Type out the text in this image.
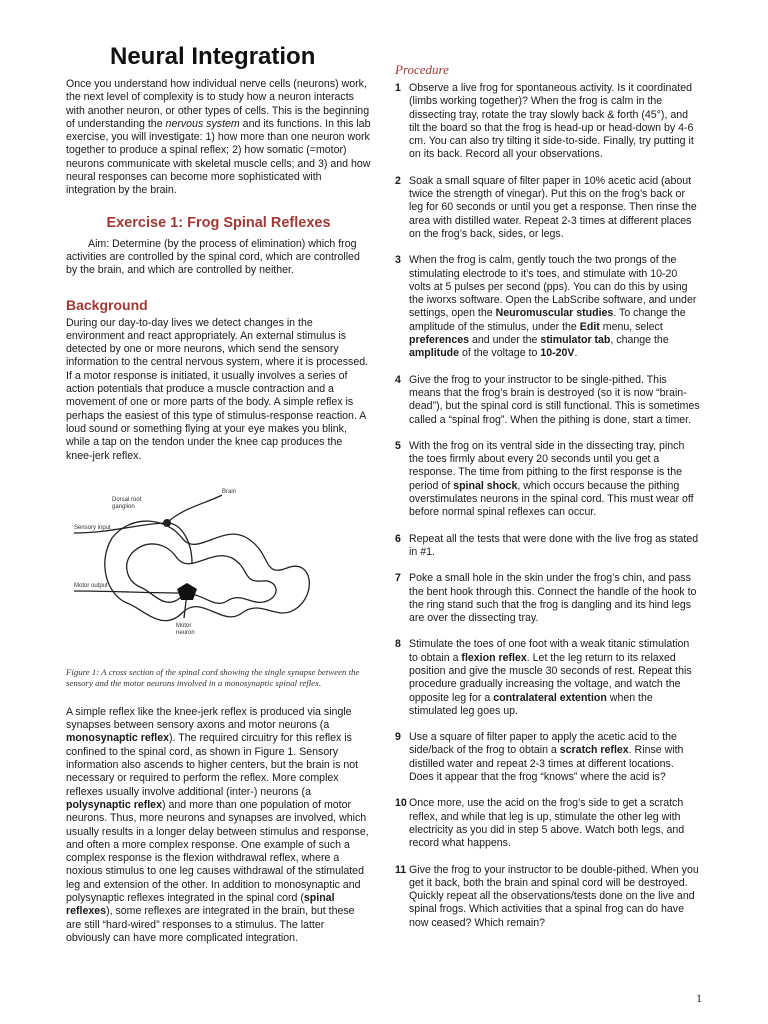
Neural Integration

Once you understand how individual nerve cells (neurons) work, the next level of complexity is to study how a neuron interacts with another neuron, or other types of cells. This is the beginning of understanding the nervous system and its functions. In this lab exercise, you will investigate: 1) how more than one neuron work together to produce a spinal reflex; 2) how somatic (=motor) neurons communicate with skeletal muscle cells; and 3) and how neural responses can become more sophisticated with integration by the brain.

Exercise 1: Frog Spinal Reflexes

Aim: Determine (by the process of elimination) which frog activities are controlled by the spinal cord, which are controlled by the brain, and which are controlled by neither.

Background

During our day-to-day lives we detect changes in the environment and react appropriately. An external stimulus is detected by one or more neurons, which send the sensory information to the central nervous system, where it is processed. If a motor response is initiated, it usually involves a series of action potentials that produce a muscle contraction and a movement of one or more parts of the body. A simple reflex is perhaps the easiest of this type of stimulus-response reaction. A loud sound or something flying at your eye makes you blink, while a tap on the tendon under the knee cap produces the knee-jerk reflex.

Brain
Dorsal root ganglion
Sensory input
Motor output
Motor neuron

Figure 1: A cross section of the spinal cord showing the single synapse between the sensory and the motor neurons involved in a monosynaptic spinal reflex.

A simple reflex like the knee-jerk reflex is produced via single synapses between sensory axons and motor neurons (a monosynaptic reflex). The required circuitry for this reflex is confined to the spinal cord, as shown in Figure 1. Sensory information also ascends to higher centers, but the brain is not necessary or required to perform the reflex. More complex reflexes usually involve additional (inter-) neurons (a polysynaptic reflex) and more than one population of motor neurons. Thus, more neurons and synapses are involved, which usually results in a longer delay between stimulus and response, and often a more complex response. One example of such a complex response is the flexion withdrawal reflex, where a noxious stimulus to one leg causes withdrawal of the stimulated leg and extension of the other. In addition to monosynaptic and polysynaptic reflexes integrated in the spinal cord (spinal reflexes), some reflexes are integrated in the brain, but these are still “hard-wired” responses to a stimulus. The latter obviously can have more complicated integration.

Procedure
1 Observe a live frog for spontaneous activity. Is it coordinated (limbs working together)? When the frog is calm in the dissecting tray, rotate the tray slowly back & forth (45°), and tilt the board so that the frog is head-up or head-down by 4-6 cm. You can also try tilting it side-to-side. Finally, try putting it on its back. Record all your observations.
2 Soak a small square of filter paper in 10% acetic acid (about twice the strength of vinegar). Put this on the frog’s back or leg for 60 seconds or until you get a response. Then rinse the area with distilled water. Repeat 2-3 times at different places on the frog’s back, sides, or legs.
3 When the frog is calm, gently touch the two prongs of the stimulating electrode to it’s toes, and stimulate with 10-20 volts at 5 pulses per second (pps). You can do this by using the iworxs software. Open the LabScribe software, and under settings, open the Neuromuscular studies. To change the amplitude of the stimulus, under the Edit menu, select preferences and under the stimulator tab, change the amplitude of the voltage to 10-20V.
4 Give the frog to your instructor to be single-pithed. This means that the frog’s brain is destroyed (so it is now “brain-dead”), but the spinal cord is still functional. This is sometimes called a “spinal frog”. When the pithing is done, start a timer.
5 With the frog on its ventral side in the dissecting tray, pinch the toes firmly about every 20 seconds until you get a response. The time from pithing to the first response is the period of spinal shock, which occurs because the pithing overstimulates neurons in the spinal cord. This must wear off before normal spinal reflexes can occur.
6 Repeat all the tests that were done with the live frog as stated in #1.
7 Poke a small hole in the skin under the frog’s chin, and pass the bent hook through this. Connect the handle of the hook to the ring stand such that the frog is dangling and its hind legs are over the dissecting tray.
8 Stimulate the toes of one foot with a weak titanic stimulation to obtain a flexion reflex. Let the leg return to its relaxed position and give the muscle 30 seconds of rest. Repeat this procedure gradually increasing the voltage, and watch the opposite leg for a contralateral extention when the stimulated leg goes up.
9 Use a square of filter paper to apply the acetic acid to the side/back of the frog to obtain a scratch reflex. Rinse with distilled water and repeat 2-3 times at different locations. Does it appear that the frog “knows” where the acid is?
10 Once more, use the acid on the frog’s side to get a scratch reflex, and while that leg is up, stimulate the other leg with electricity as you did in step 5 above. Watch both legs, and record what happens.
11 Give the frog to your instructor to be double-pithed. When you get it back, both the brain and spinal cord will be destroyed. Quickly repeat all the observations/tests done on the live and spinal frogs. Which activities that a spinal frog can do have now ceased? Which remain?
1
